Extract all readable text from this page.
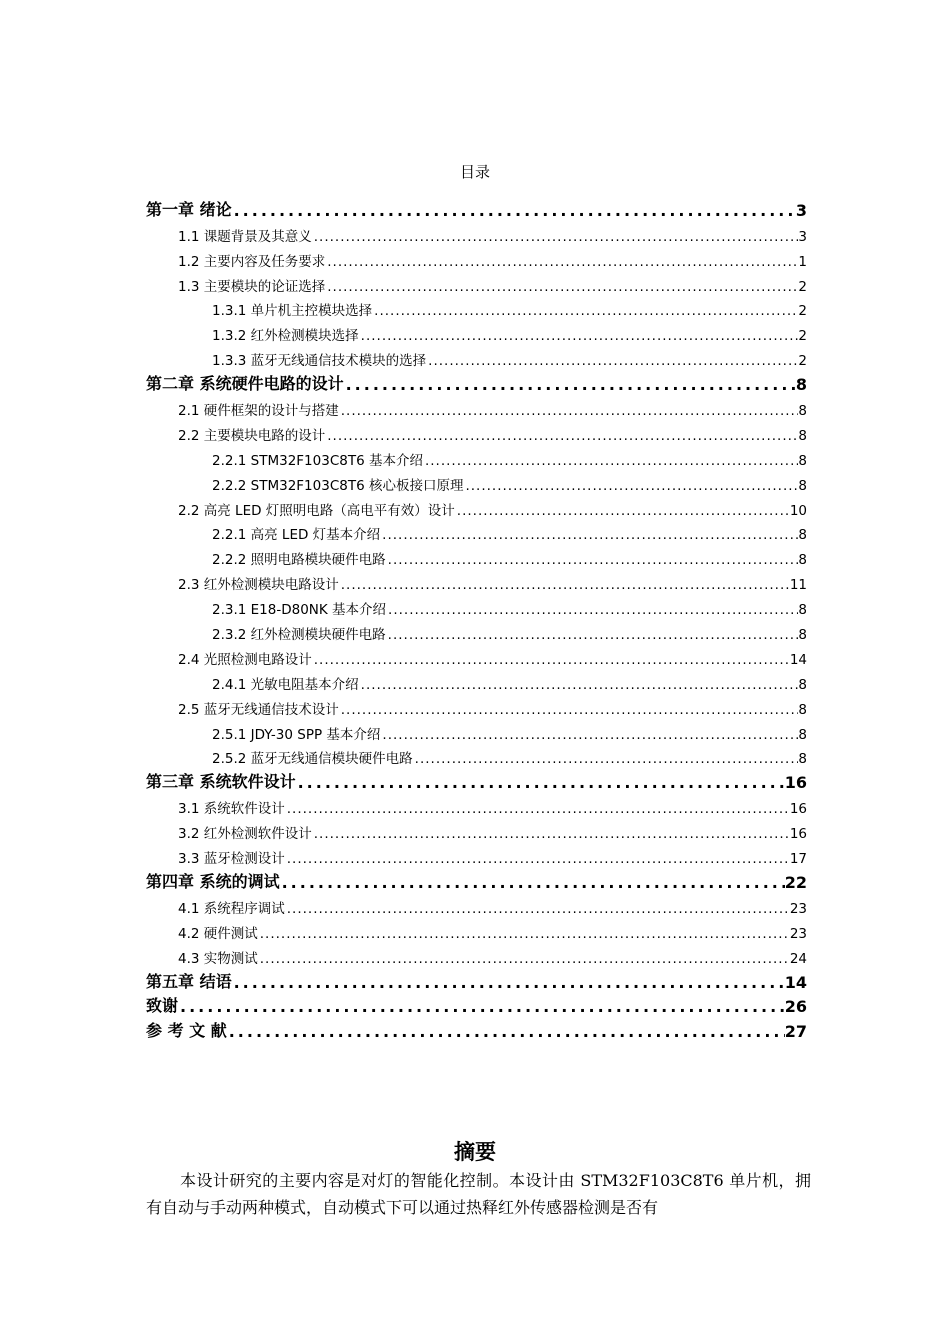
目录
第一章 绪论 .....	3
1.1 课题背景及其意义 .....	3
1.2 主要内容及任务要求 .....	1
1.3 主要模块的论证选择 .....	2
1.3.1 单片机主控模块选择 .....	2
1.3.2 红外检测模块选择 .....	2
1.3.3 蓝牙无线通信技术模块的选择 .....	2
第二章 系统硬件电路的设计 .....	8
2.1 硬件框架的设计与搭建 .....	8
2.2 主要模块电路的设计 .....	8
2.2.1 STM32F103C8T6 基本介绍 .....	8
2.2.2 STM32F103C8T6 核心板接口原理 .....	8
2.2 高亮 LED 灯照明电路（高电平有效）设计 .....	10
2.2.1 高亮 LED 灯基本介绍 .....	8
2.2.2 照明电路模块硬件电路 .....	8
2.3 红外检测模块电路设计 .....	11
2.3.1 E18-D80NK 基本介绍 .....	8
2.3.2 红外检测模块硬件电路 .....	8
2.4 光照检测电路设计 .....	14
2.4.1 光敏电阻基本介绍 .....	8
2.5 蓝牙无线通信技术设计 .....	8
2.5.1 JDY-30 SPP 基本介绍 .....	8
2.5.2 蓝牙无线通信模块硬件电路 .....	8
第三章 系统软件设计 .....	16
3.1 系统软件设计 .....	16
3.2 红外检测软件设计 .....	16
3.3 蓝牙检测设计 .....	17
第四章 系统的调试 .....	22
4.1 系统程序调试 .....	23
4.2 硬件测试 .....	23
4.3 实物测试 .....	24
第五章 结语 .....	14
致谢 .....	26
参 考 文 献 .....	27
摘要
本设计研究的主要内容是对灯的智能化控制。本设计由 STM32F103C8T6 单片机，拥有自动与手动两种模式，自动模式下可以通过热释红外传感器检测是否有
